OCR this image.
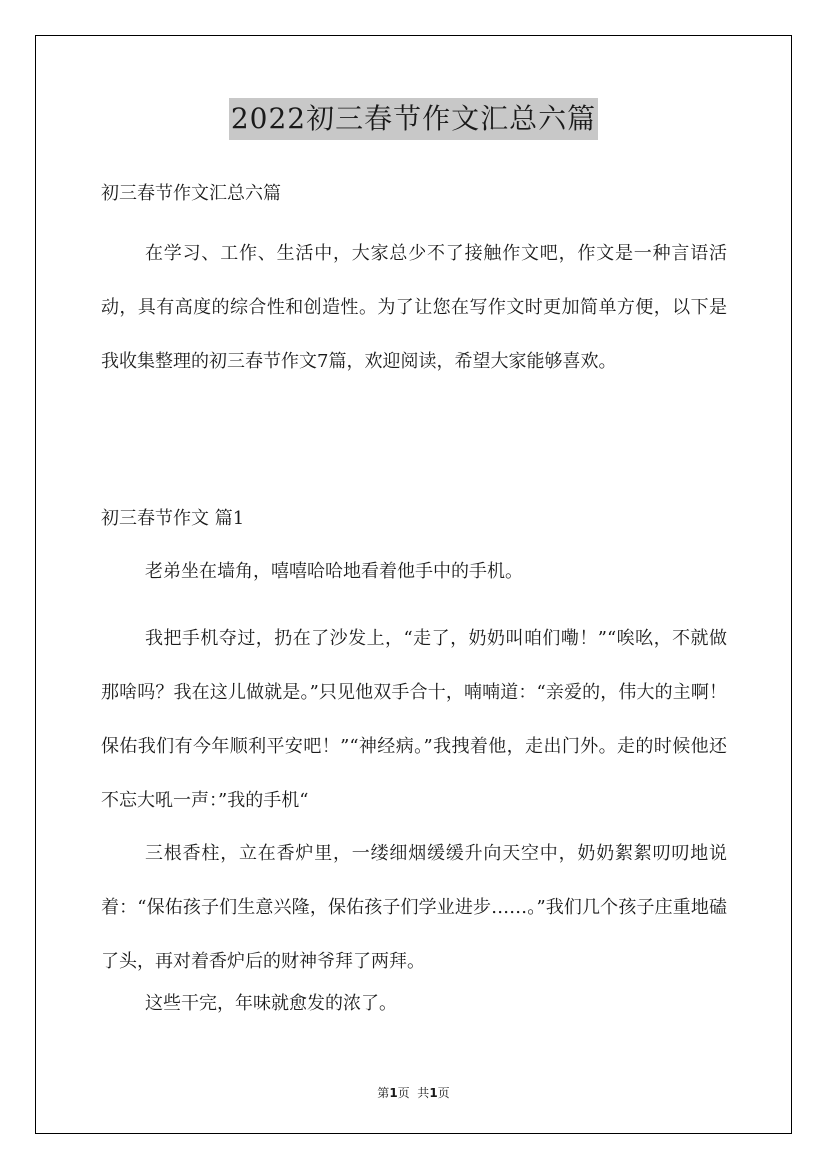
2022初三春节作文汇总六篇

初三春节作文汇总六篇

在学习、工作、生活中，大家总少不了接触作文吧，作文是一种言语活动，具有高度的综合性和创造性。为了让您在写作文时更加简单方便，以下是我收集整理的初三春节作文7篇，欢迎阅读，希望大家能够喜欢。

初三春节作文 篇1

老弟坐在墙角，嘻嘻哈哈地看着他手中的手机。

我把手机夺过，扔在了沙发上，“走了，奶奶叫咱们嘞！”“唉吆，不就做那啥吗？我在这儿做就是。”只见他双手合十，喃喃道：“亲爱的，伟大的主啊！保佑我们有今年顺利平安吧！”“神经病。”我拽着他，走出门外。走的时候他还不忘大吼一声：”我的手机“

三根香柱，立在香炉里，一缕细烟缓缓升向天空中，奶奶絮絮叨叨地说着：“保佑孩子们生意兴隆，保佑孩子们学业进步……。”我们几个孩子庄重地磕了头，再对着香炉后的财神爷拜了两拜。

这些干完，年味就愈发的浓了。

第1页  共1页
